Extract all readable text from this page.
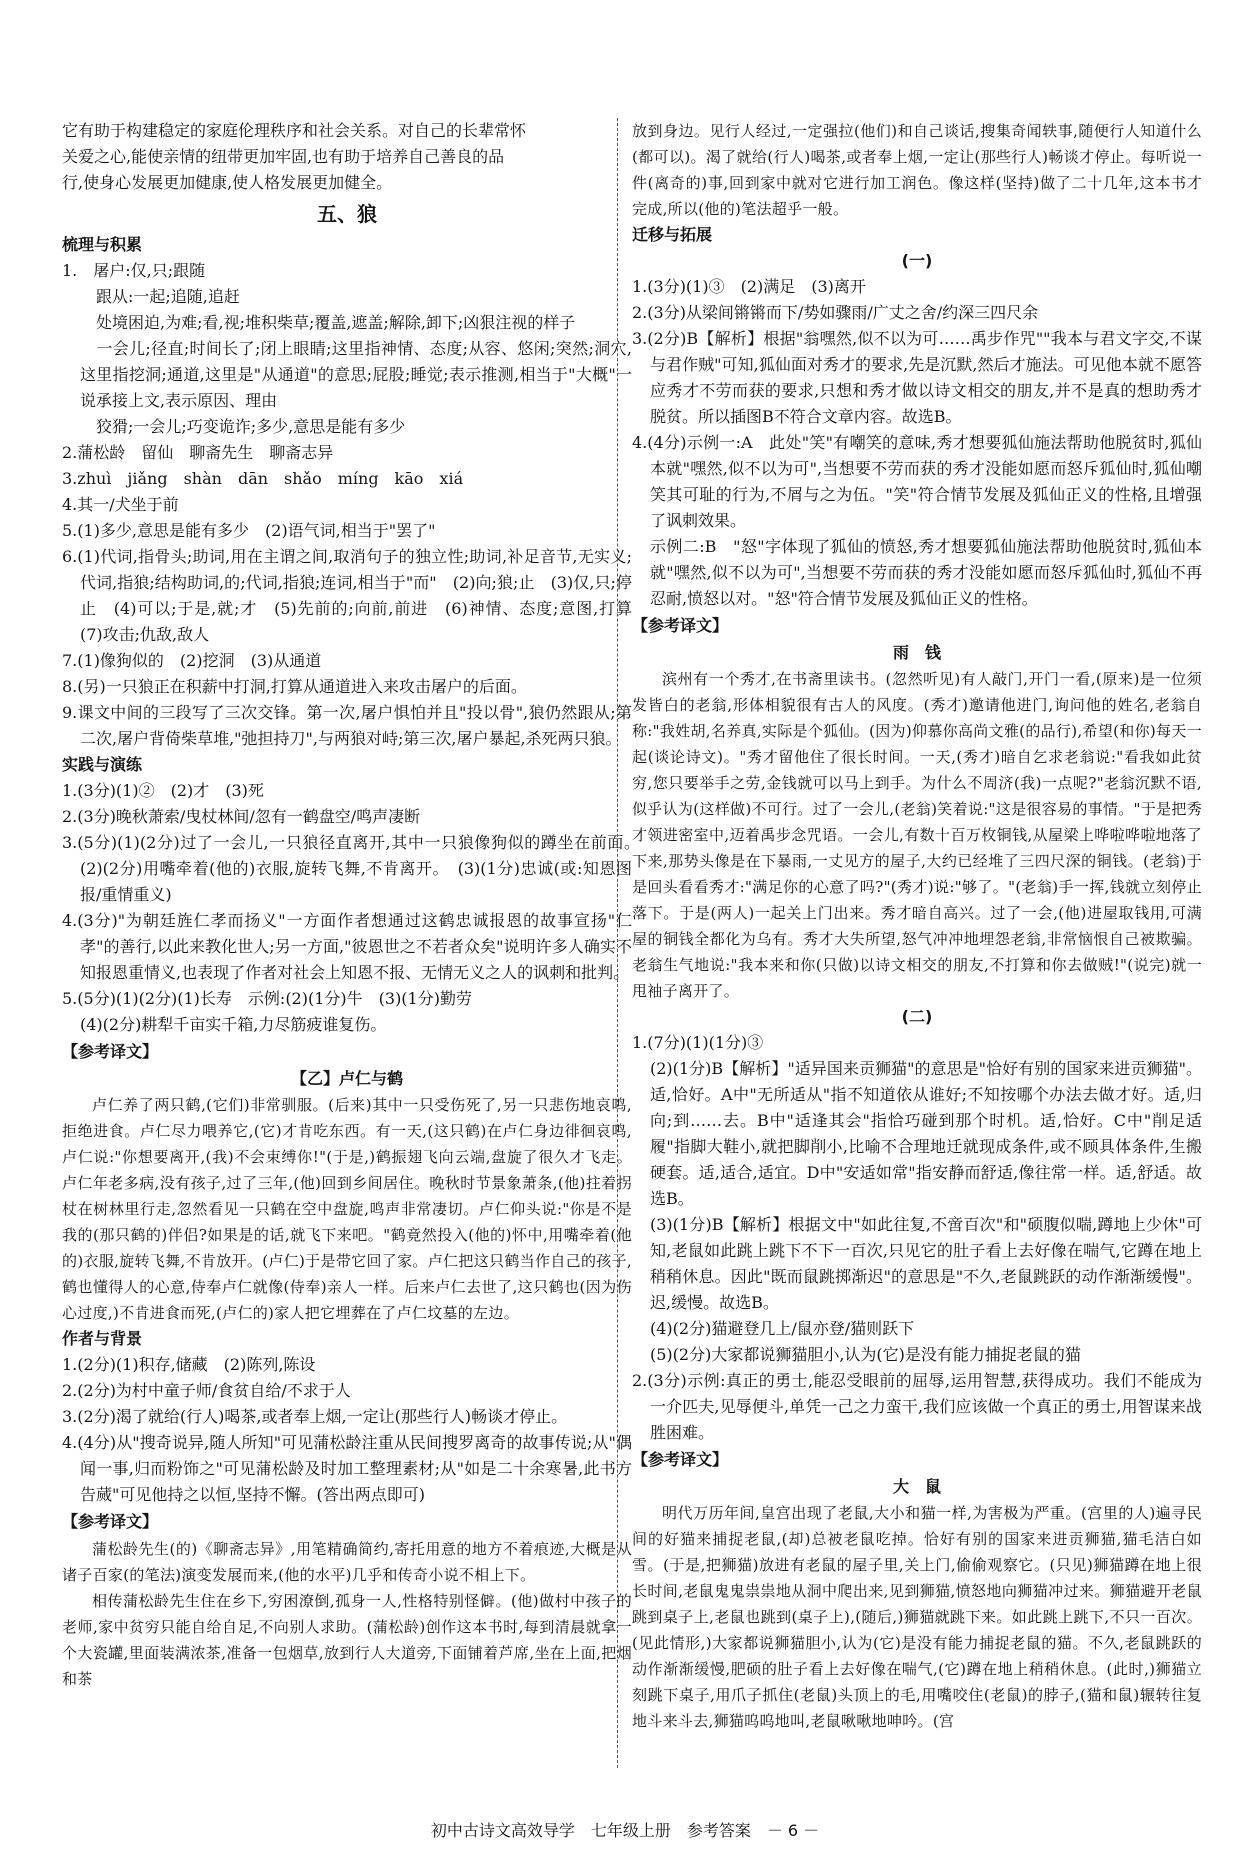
它有助于构建稳定的家庭伦理秩序和社会关系。对自己的长辈常怀

关爱之心,能使亲情的纽带更加牢固,也有助于培养自己善良的品

行,使身心发展更加健康,使人格发展更加健全。

五、狼
梳理与积累

1.　屠户:仅,只;跟随

　跟从:一起;追随,追赶

　处境困迫,为难;看,视;堆积柴草;覆盖,遮盖;解除,卸下;凶狠注视的样子

　一会儿;径直;时间长了;闭上眼睛;这里指神情、态度;从容、悠闲;突然;洞穴,这里指挖洞;通道,这里是"从通道"的意思;屁股;睡觉;表示推测,相当于"大概"一说承接上文,表示原因、理由

　狡猾;一会儿;巧变诡诈;多少,意思是能有多少

2.蒲松龄　留仙　聊斋先生　聊斋志异

3.zhuì　jiǎng　shàn　dān　shǎo　míng　kāo　xiá

4.其一/犬坐于前

5.(1)多少,意思是能有多少　(2)语气词,相当于"罢了"

6.(1)代词,指骨头;助词,用在主谓之间,取消句子的独立性;助词,补足音节,无实义;代词,指狼;结构助词,的;代词,指狼;连词,相当于"而"　(2)向;狼;止　(3)仅,只;停止　(4)可以;于是,就;才　(5)先前的;向前,前进　(6)神情、态度;意图,打算　(7)攻击;仇敌,敌人

7.(1)像狗似的　(2)挖洞　(3)从通道

8.(另)一只狼正在积薪中打洞,打算从通道进入来攻击屠户的后面。

9.课文中间的三段写了三次交锋。第一次,屠户惧怕并且"投以骨",狼仍然跟从;第二次,屠户背倚柴草堆,"弛担持刀",与两狼对峙;第三次,屠户暴起,杀死两只狼。

实践与演练

1.(3分)(1)②　(2)才　(3)死

2.(3分)晚秋萧索/曳杖林间/忽有一鹤盘空/鸣声凄断

3.(5分)(1)(2分)过了一会儿,一只狼径直离开,其中一只狼像狗似的蹲坐在前面。　(2)(2分)用嘴牵着(他的)衣服,旋转飞舞,不肯离开。　(3)(1分)忠诚(或:知恩图报/重情重义)

4.(3分)"为朝廷旌仁孝而扬义"一方面作者想通过这鹤忠诚报恩的故事宣扬"仁孝"的善行,以此来教化世人;另一方面,"彼恩世之不若者众矣"说明许多人确实不知报恩重情义,也表现了作者对社会上知恩不报、无情无义之人的讽刺和批判。

5.(5分)(1)(2分)(1)长寿　示例:(2)(1分)牛　(3)(1分)勤劳

(4)(2分)耕犁千亩实千箱,力尽筋疲谁复伤。

【参考译文】
【乙】卢仁与鹤

卢仁养了两只鹤,(它们)非常驯服。(后来)其中一只受伤死了,另一只悲伤地哀鸣,拒绝进食。卢仁尽力喂养它,(它)才肯吃东西。有一天,(这只鹤)在卢仁身边徘徊哀鸣,卢仁说:"你想要离开,(我)不会束缚你!"(于是,)鹤振翅飞向云端,盘旋了很久才飞走。卢仁年老多病,没有孩子,过了三年,(他)回到乡间居住。晚秋时节景象萧条,(他)拄着拐杖在树林里行走,忽然看见一只鹤在空中盘旋,鸣声非常凄切。卢仁仰头说:"你是不是我的(那只鹤的)伴侣?如果是的话,就飞下来吧。"鹤竟然投入(他的)怀中,用嘴牵着(他的)衣服,旋转飞舞,不肯放开。(卢仁)于是带它回了家。卢仁把这只鹤当作自己的孩子,鹤也懂得人的心意,侍奉卢仁就像(侍奉)亲人一样。后来卢仁去世了,这只鹤也(因为伤心过度,)不肯进食而死,(卢仁的)家人把它埋葬在了卢仁坟墓的左边。

作者与背景

1.(2分)(1)积存,储藏　(2)陈列,陈设

2.(2分)为村中童子师/食贫自给/不求于人

3.(2分)渴了就给(行人)喝茶,或者奉上烟,一定让(那些行人)畅谈才停止。

4.(4分)从"搜奇说异,随人所知"可见蒲松龄注重从民间搜罗离奇的故事传说;从"偶闻一事,归而粉饰之"可见蒲松龄及时加工整理素材;从"如是二十余寒暑,此书方告蒇"可见他持之以恒,坚持不懈。(答出两点即可)

【参考译文】

蒲松龄先生(的)《聊斋志异》,用笔精确简约,寄托用意的地方不着痕迹,大概是从诸子百家(的笔法)演变发展而来,(他的水平)几乎和传奇小说不相上下。

相传蒲松龄先生住在乡下,穷困潦倒,孤身一人,性格特别怪僻。(他)做村中孩子的老师,家中贫穷只能自给自足,不向别人求助。(蒲松龄)创作这本书时,每到清晨就拿一个大瓷罐,里面装满浓茶,准备一包烟草,放到行人大道旁,下面铺着芦席,坐在上面,把烟和茶

放到身边。见行人经过,一定强拉(他们)和自己谈话,搜集奇闻轶事,随便行人知道什么(都可以)。渴了就给(行人)喝茶,或者奉上烟,一定让(那些行人)畅谈才停止。每听说一件(离奇的)事,回到家中就对它进行加工润色。像这样(坚持)做了二十几年,这本书才完成,所以(他的)笔法超乎一般。

迁移与拓展
(一)

1.(3分)(1)③　(2)满足　(3)离开

2.(3分)从梁间锵锵而下/势如骤雨/广丈之舍/约深三四尺余

3.(2分)B【解析】根据"翁嘿然,似不以为可……禹步作咒""我本与君文字交,不谋与君作贼"可知,狐仙面对秀才的要求,先是沉默,然后才施法。可见他本就不愿答应秀才不劳而获的要求,只想和秀才做以诗文相交的朋友,并不是真的想助秀才脱贫。所以插图B不符合文章内容。故选B。

4.(4分)示例一:A　此处"笑"有嘲笑的意味,秀才想要狐仙施法帮助他脱贫时,狐仙本就"嘿然,似不以为可",当想要不劳而获的秀才没能如愿而怒斥狐仙时,狐仙嘲笑其可耻的行为,不屑与之为伍。"笑"符合情节发展及狐仙正义的性格,且增强了讽刺效果。

示例二:B　"怒"字体现了狐仙的愤怒,秀才想要狐仙施法帮助他脱贫时,狐仙本就"嘿然,似不以为可",当想要不劳而获的秀才没能如愿而怒斥狐仙时,狐仙不再忍耐,愤怒以对。"怒"符合情节发展及狐仙正义的性格。

【参考译文】
雨　钱

滨州有一个秀才,在书斋里读书。(忽然听见)有人敲门,开门一看,(原来)是一位须发皆白的老翁,形体相貌很有古人的风度。(秀才)邀请他进门,询问他的姓名,老翁自称:"我姓胡,名养真,实际是个狐仙。(因为)仰慕你高尚文雅(的品行),希望(和你)每天一起(谈论诗文)。"秀才留他住了很长时间。一天,(秀才)暗自乞求老翁说:"看我如此贫穷,您只要举手之劳,金钱就可以马上到手。为什么不周济(我)一点呢?"老翁沉默不语,似乎认为(这样做)不可行。过了一会儿,(老翁)笑着说:"这是很容易的事情。"于是把秀才领进密室中,迈着禹步念咒语。一会儿,有数十百万枚铜钱,从屋梁上哗啦哗啦地落了下来,那势头像是在下暴雨,一丈见方的屋子,大约已经堆了三四尺深的铜钱。(老翁)于是回头看看秀才:"满足你的心意了吗?"(秀才)说:"够了。"(老翁)手一挥,钱就立刻停止落下。于是(两人)一起关上门出来。秀才暗自高兴。过了一会,(他)进屋取钱用,可满屋的铜钱全都化为乌有。秀才大失所望,怒气冲冲地埋怨老翁,非常恼恨自己被欺骗。老翁生气地说:"我本来和你(只做)以诗文相交的朋友,不打算和你去做贼!"(说完)就一甩袖子离开了。

(二)

1.(7分)(1)(1分)③

(2)(1分)B【解析】"适异国来贡狮猫"的意思是"恰好有别的国家来进贡狮猫"。适,恰好。A中"无所适从"指不知道依从谁好;不知按哪个办法去做才好。适,归向;到……去。B中"适逢其会"指恰巧碰到那个时机。适,恰好。C中"削足适履"指脚大鞋小,就把脚削小,比喻不合理地迁就现成条件,或不顾具体条件,生搬硬套。适,适合,适宜。D中"安适如常"指安静而舒适,像往常一样。适,舒适。故选B。

(3)(1分)B【解析】根据文中"如此往复,不啻百次"和"硕腹似喘,蹲地上少休"可知,老鼠如此跳上跳下不下一百次,只见它的肚子看上去好像在喘气,它蹲在地上稍稍休息。因此"既而鼠跳掷渐迟"的意思是"不久,老鼠跳跃的动作渐渐缓慢"。迟,缓慢。故选B。

(4)(2分)猫避登几上/鼠亦登/猫则跃下

(5)(2分)大家都说狮猫胆小,认为(它)是没有能力捕捉老鼠的猫

2.(3分)示例:真正的勇士,能忍受眼前的屈辱,运用智慧,获得成功。我们不能成为一介匹夫,见辱便斗,单凭一己之力蛮干,我们应该做一个真正的勇士,用智谋来战胜困难。

【参考译文】
大　鼠

明代万历年间,皇宫出现了老鼠,大小和猫一样,为害极为严重。(宫里的人)遍寻民间的好猫来捕捉老鼠,(却)总被老鼠吃掉。恰好有别的国家来进贡狮猫,猫毛洁白如雪。(于是,把狮猫)放进有老鼠的屋子里,关上门,偷偷观察它。(只见)狮猫蹲在地上很长时间,老鼠鬼鬼祟祟地从洞中爬出来,见到狮猫,愤怒地向狮猫冲过来。狮猫避开老鼠跳到桌子上,老鼠也跳到(桌子上),(随后,)狮猫就跳下来。如此跳上跳下,不只一百次。(见此情形,)大家都说狮猫胆小,认为(它)是没有能力捕捉老鼠的猫。不久,老鼠跳跃的动作渐渐缓慢,肥硕的肚子看上去好像在喘气,(它)蹲在地上稍稍休息。(此时,)狮猫立刻跳下桌子,用爪子抓住(老鼠)头顶上的毛,用嘴咬住(老鼠)的脖子,(猫和鼠)辗转往复地斗来斗去,狮猫呜呜地叫,老鼠啾啾地呻吟。(宫

初中古诗文高效导学　七年级上册　参考答案　－ 6 －
